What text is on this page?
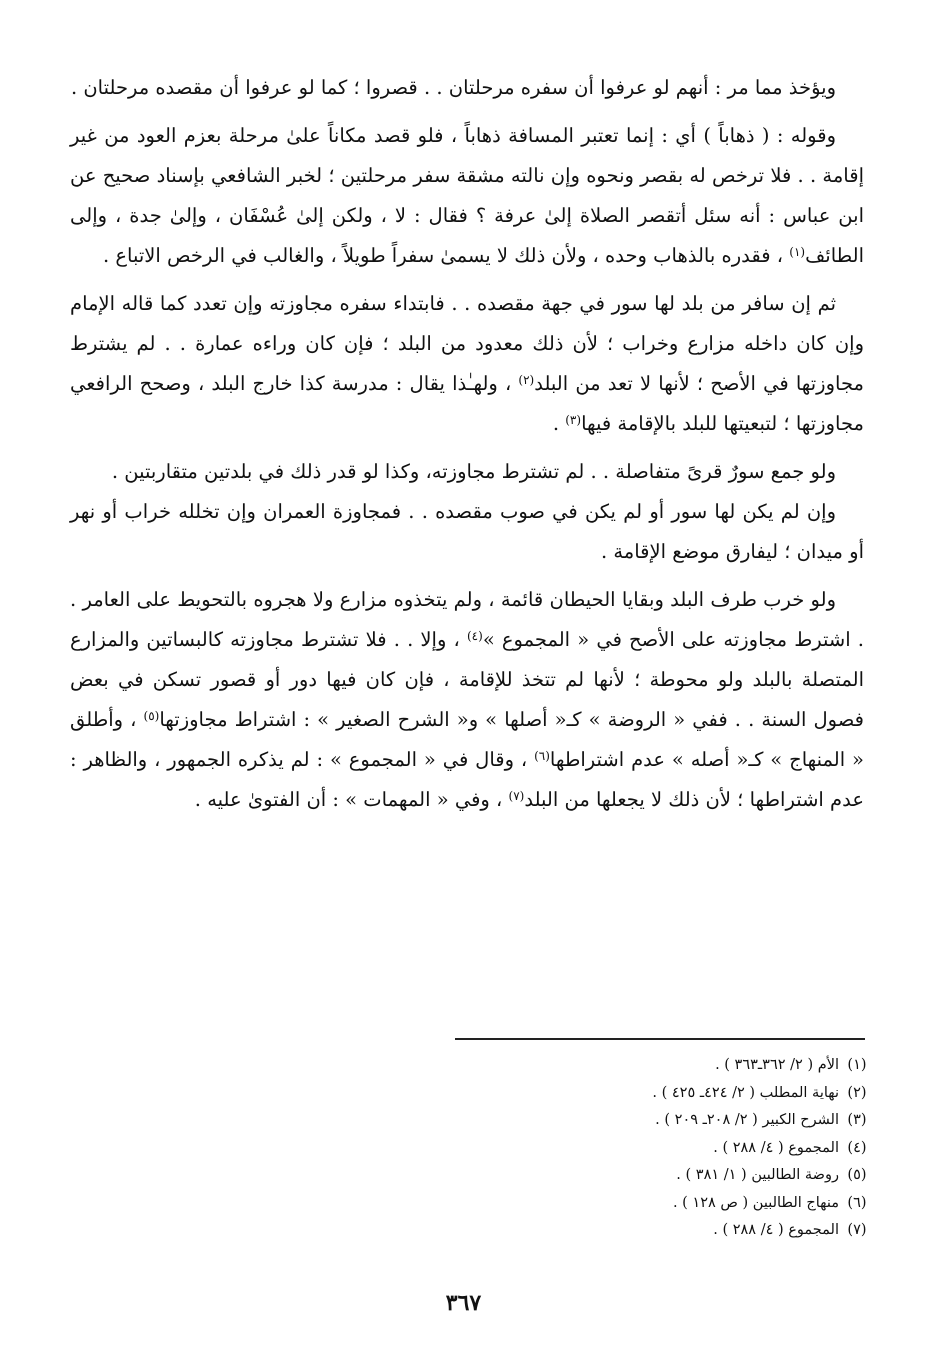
ويؤخذ مما مر : أنهم لو عرفوا أن سفره مرحلتان . . قصروا ؛ كما لو عرفوا أن مقصده مرحلتان .

وقوله : ( ذهاباً ) أي : إنما تعتبر المسافة ذهاباً ، فلو قصد مكاناً علىٰ مرحلة بعزم العود من غير إقامة . . فلا ترخص له بقصر ونحوه وإن نالته مشقة سفر مرحلتين ؛ لخبر الشافعي بإسناد صحيح عن ابن عباس : أنه سئل أتقصر الصلاة إلىٰ عرفة ؟ فقال : لا ، ولكن إلىٰ عُسْفَان ، وإلىٰ جدة ، وإلى الطائف$^{(١)}$ ، فقدره بالذهاب وحده ، ولأن ذلك لا يسمىٰ سفراً طويلاً ، والغالب في الرخص الاتباع .

ثم إن سافر من بلد لها سور في جهة مقصده . . فابتداء سفره مجاوزته وإن تعدد كما قاله الإمام وإن كان داخله مزارع وخراب ؛ لأن ذلك معدود من البلد ؛ فإن كان وراءه عمارة . . لم يشترط مجاوزتها في الأصح ؛ لأنها لا تعد من البلد$^{(٢)}$ ، ولهـٰذا يقال : مدرسة كذا خارج البلد ، وصحح الرافعي مجاوزتها ؛ لتبعيتها للبلد بالإقامة فيها$^{(٣)}$ .

ولو جمع سورٌ قرىً متفاصلة . . لم تشترط مجاوزته، وكذا لو قدر ذلك في بلدتين متقاربتين .

وإن لم يكن لها سور أو لم يكن في صوب مقصده . . فمجاوزة العمران وإن تخلله خراب أو نهر أو ميدان ؛ ليفارق موضع الإقامة .

ولو خرب طرف البلد وبقايا الحيطان قائمة ، ولم يتخذوه مزارع ولا هجروه بالتحويط على العامر . . اشترط مجاوزته على الأصح في « المجموع »$^{(٤)}$ ، وإلا . . فلا تشترط مجاوزته كالبساتين والمزارع المتصلة بالبلد ولو محوطة ؛ لأنها لم تتخذ للإقامة ، فإن كان فيها دور أو قصور تسكن في بعض فصول السنة . . ففي « الروضة » كـ« أصلها » و« الشرح الصغير » : اشتراط مجاوزتها$^{(٥)}$ ، وأطلق « المنهاج » كـ« أصله » عدم اشتراطها$^{(٦)}$ ، وقال في « المجموع » : لم يذكره الجمهور ، والظاهر : عدم اشتراطها ؛ لأن ذلك لا يجعلها من البلد$^{(٧)}$ ، وفي « المهمات » : أن الفتوىٰ عليه .

(١)
الأم ( ٢/ ٣٦٢ـ٣٦٣ ) .
(٢)
نهاية المطلب ( ٢/ ٤٢٤ـ ٤٢٥ ) .
(٣)
الشرح الكبير ( ٢/ ٢٠٨ـ ٢٠٩ ) .
(٤)
المجموع ( ٤/ ٢٨٨ ) .
(٥)
روضة الطالبين ( ١/ ٣٨١ ) .
(٦)
منهاج الطالبين ( ص ١٢٨ ) .
(٧)
المجموع ( ٤/ ٢٨٨ ) .
٣٦٧
